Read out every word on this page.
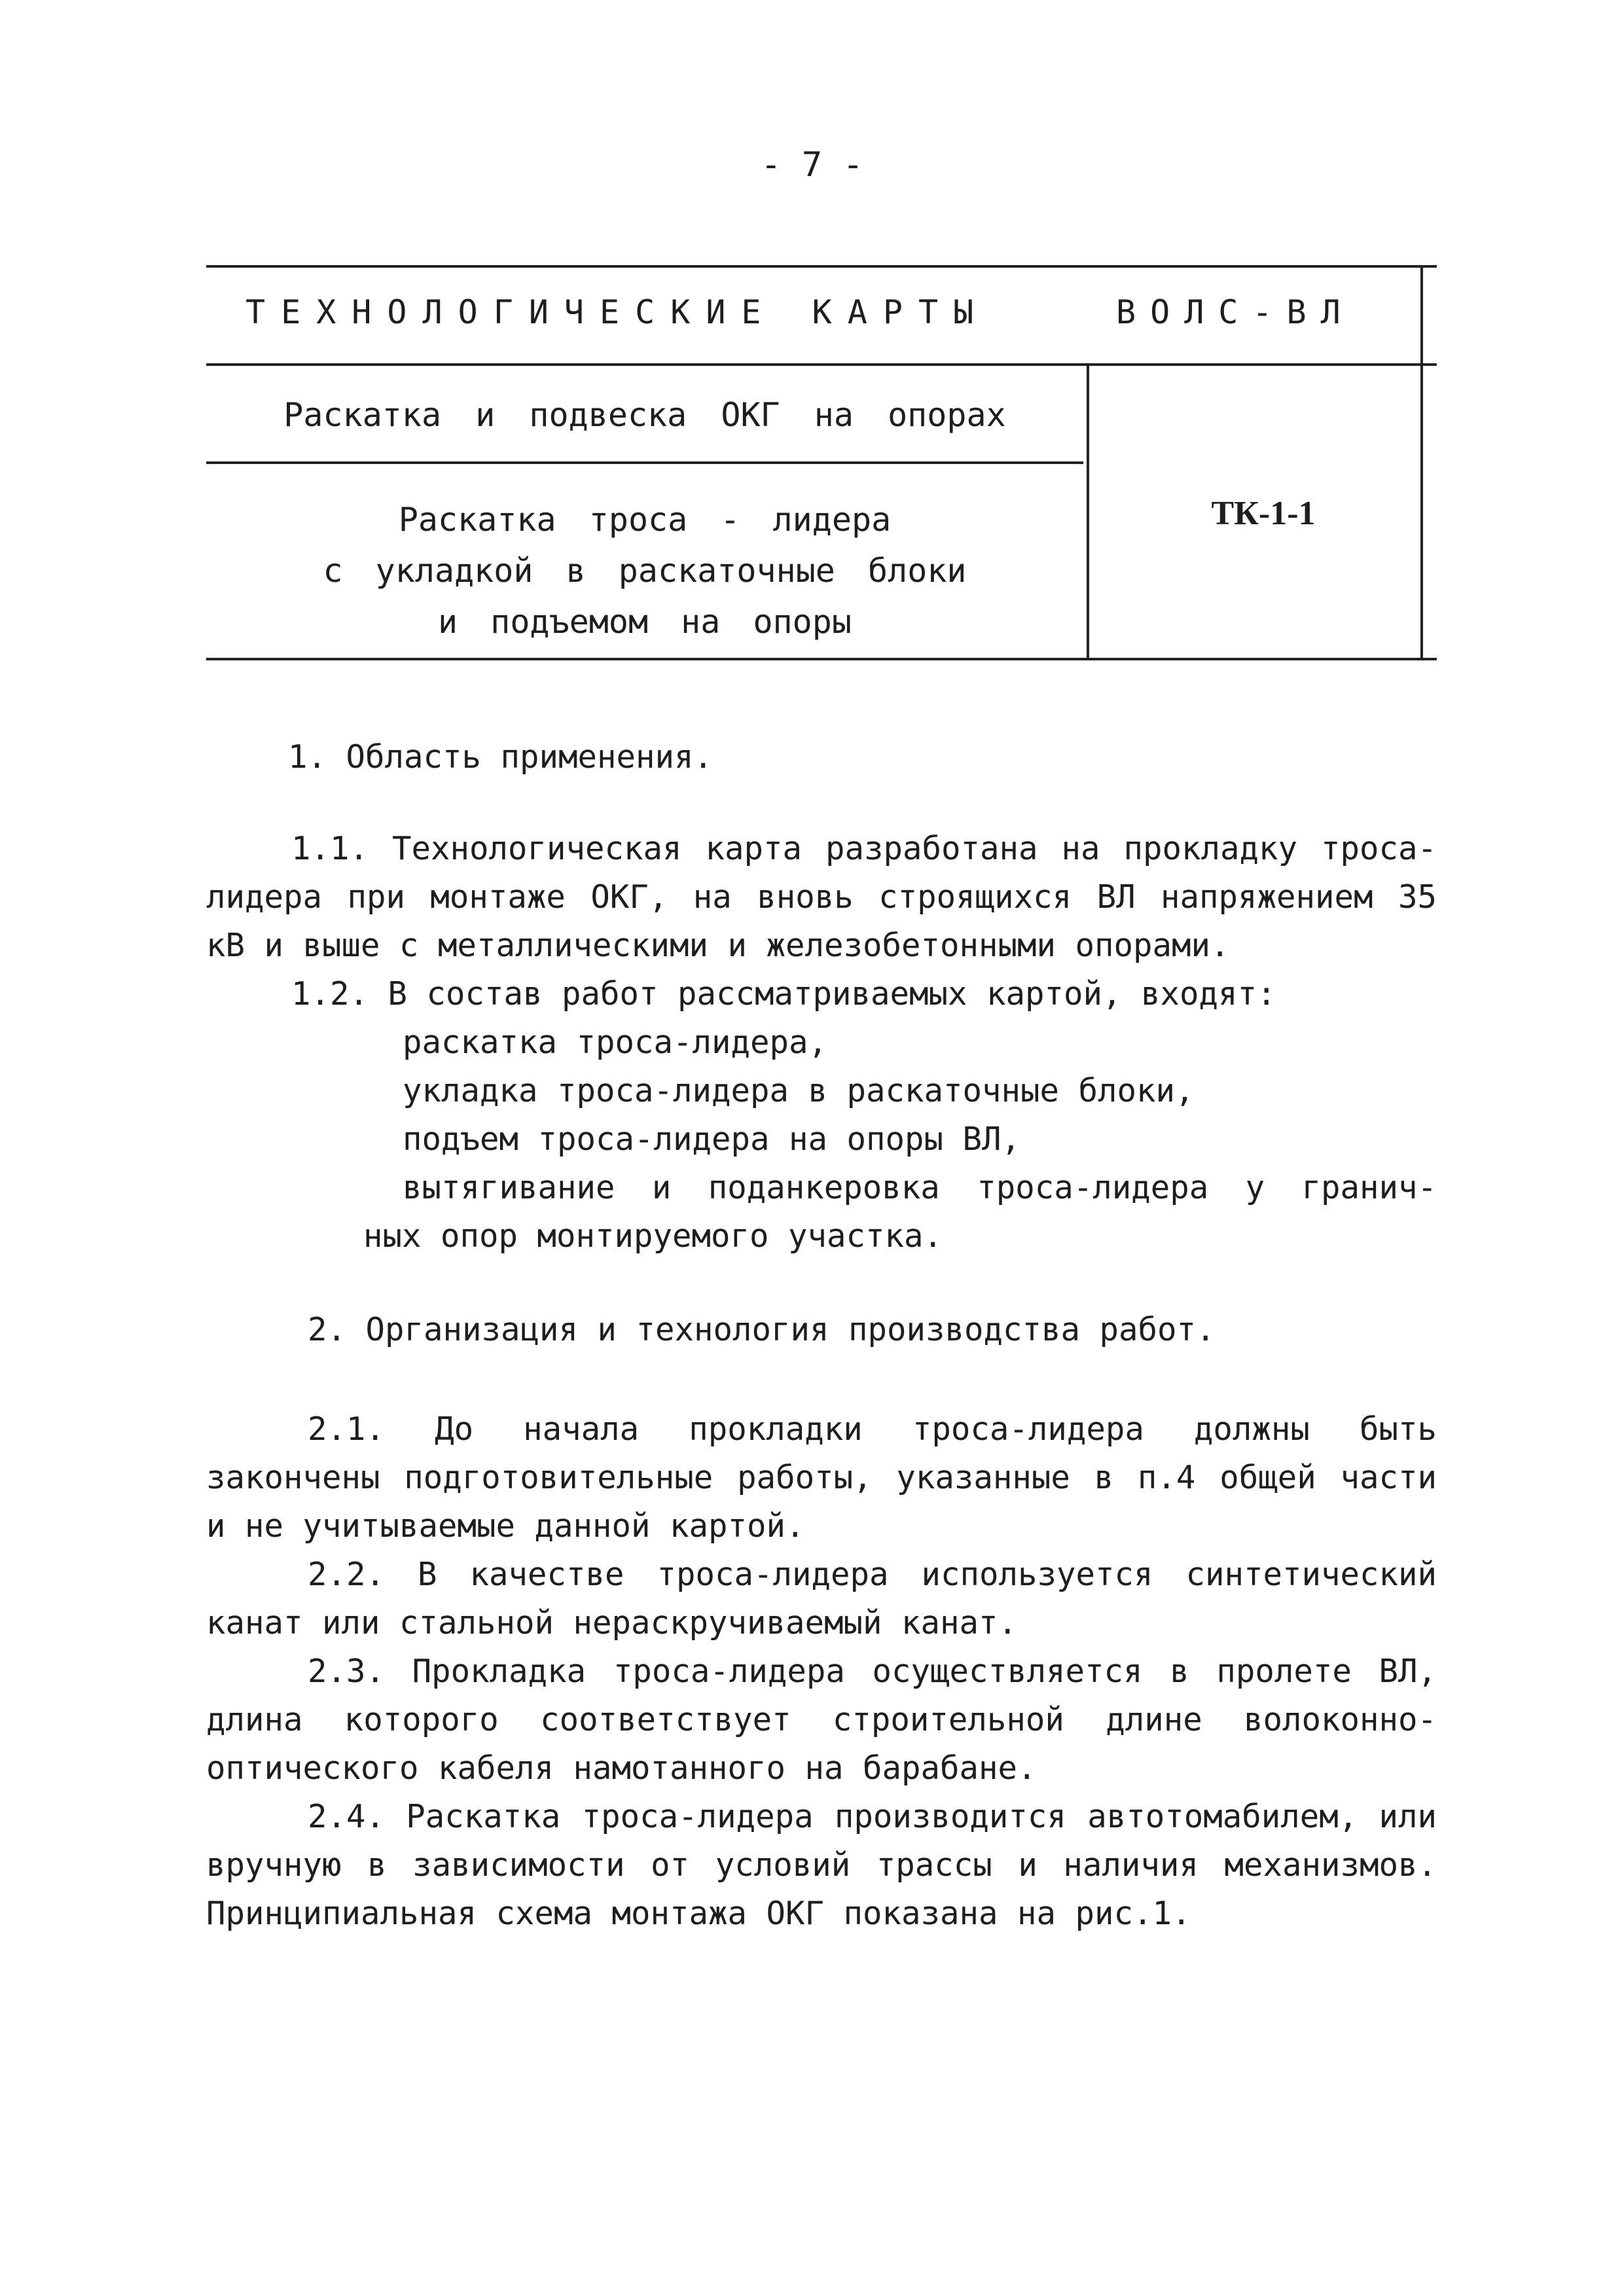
- 7 -
ТЕХНОЛОГИЧЕСКИЕ КАРТЫ	ВОЛС-ВЛ
Раскатка и подвеска ОКГ на опорах
Раскатка троса - лидера
с укладкой в раскаточные блоки
и подъемом на опоры
ТК-1-1

1. Область применения.

1.1. Технологическая карта разработана на прокладку троса-лидера при монтаже ОКГ, на вновь строящихся ВЛ напряжением 35 кВ и выше с металлическими и железобетонными опорами.

1.2. В состав работ рассматриваемых картой, входят:

раскатка троса-лидера,
укладка троса-лидера в раскаточные блоки,
подъем троса-лидера на опоры ВЛ,
вытягивание и поданкеровка троса-лидера у гранич-

ных опор монтируемого участка.

2. Организация и технология производства работ.

2.1. До начала прокладки троса-лидера должны быть закончены подготовительные работы, указанные в п.4 общей части и не учитываемые данной картой.

2.2. В качестве троса-лидера используется синтетический канат или стальной нераскручиваемый канат.

2.3. Прокладка троса-лидера осуществляется в пролете ВЛ, длина которого соответствует строительной длине волоконно-оптического кабеля намотанного на барабане.

2.4. Раскатка троса-лидера производится автотомабилем, или вручную в зависимости от условий трассы и наличия механизмов. Принципиальная схема монтажа ОКГ показана на рис.1.
